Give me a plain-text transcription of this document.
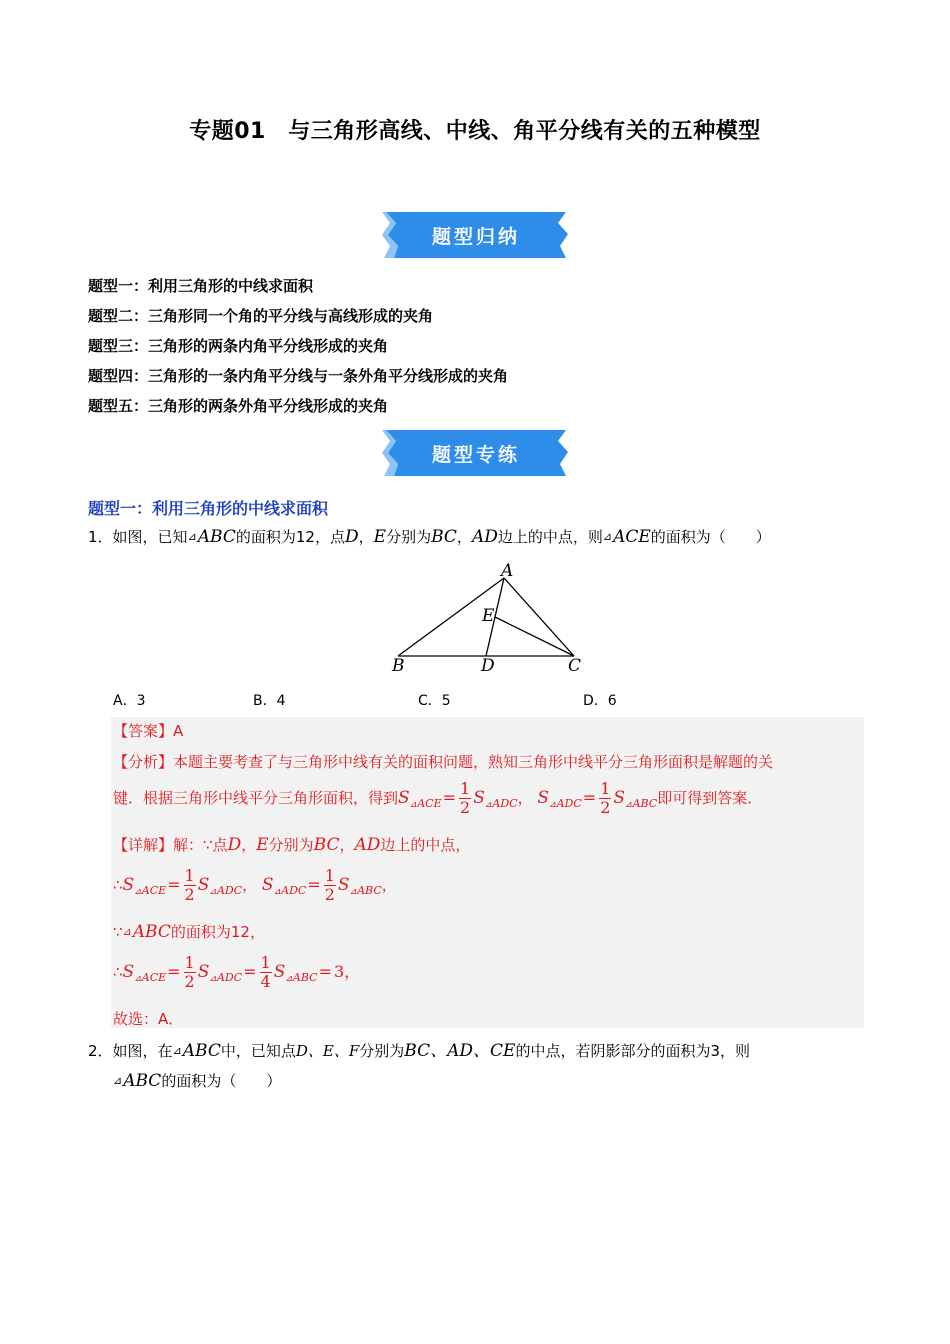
专题01　与三角形高线、中线、角平分线有关的五种模型
题型归纳
题型一：利用三角形的中线求面积
题型二：三角形同一个角的平分线与高线形成的夹角
题型三：三角形的两条内角平分线形成的夹角
题型四：三角形的一条内角平分线与一条外角平分线形成的夹角
题型五：三角形的两条外角平分线形成的夹角
题型专练
题型一：利用三角形的中线求面积
1．如图，已知⊿ABC的面积为12，点D，E分别为BC，AD边上的中点，则⊿ACE的面积为（　　）
A
B	C
D
E
A．3	B．4	C．5	D．6
【答案】A
【分析】本题主要考查了与三角形中线有关的面积问题，熟知三角形中线平分三角形面积是解题的关
键．根据三角形中线平分三角形面积，得到$S_{⊿ACE}= \frac{1}{2} S_{⊿ADC}$， $S_{⊿ADC}= \frac{1}{2} S_{⊿ABC}$即可得到答案．
【详解】解：∵点D，E分别为BC，AD边上的中点，
$\therefore S_{⊿ACE}= \frac{1}{2} S_{⊿ADC}$， $S_{⊿ADC}= \frac{1}{2} S_{⊿ABC}$，
∵⊿ABC的面积为12，
$\therefore S_{⊿ACE}= \frac{1}{2} S_{⊿ADC}= \frac{1}{4} S_{⊿ABC}= 3$，
故选：A．
2．如图，在⊿ABC中，已知点D、E、F分别为BC、AD、CE的中点，若阴影部分的面积为3，则
⊿ABC的面积为（　　）
